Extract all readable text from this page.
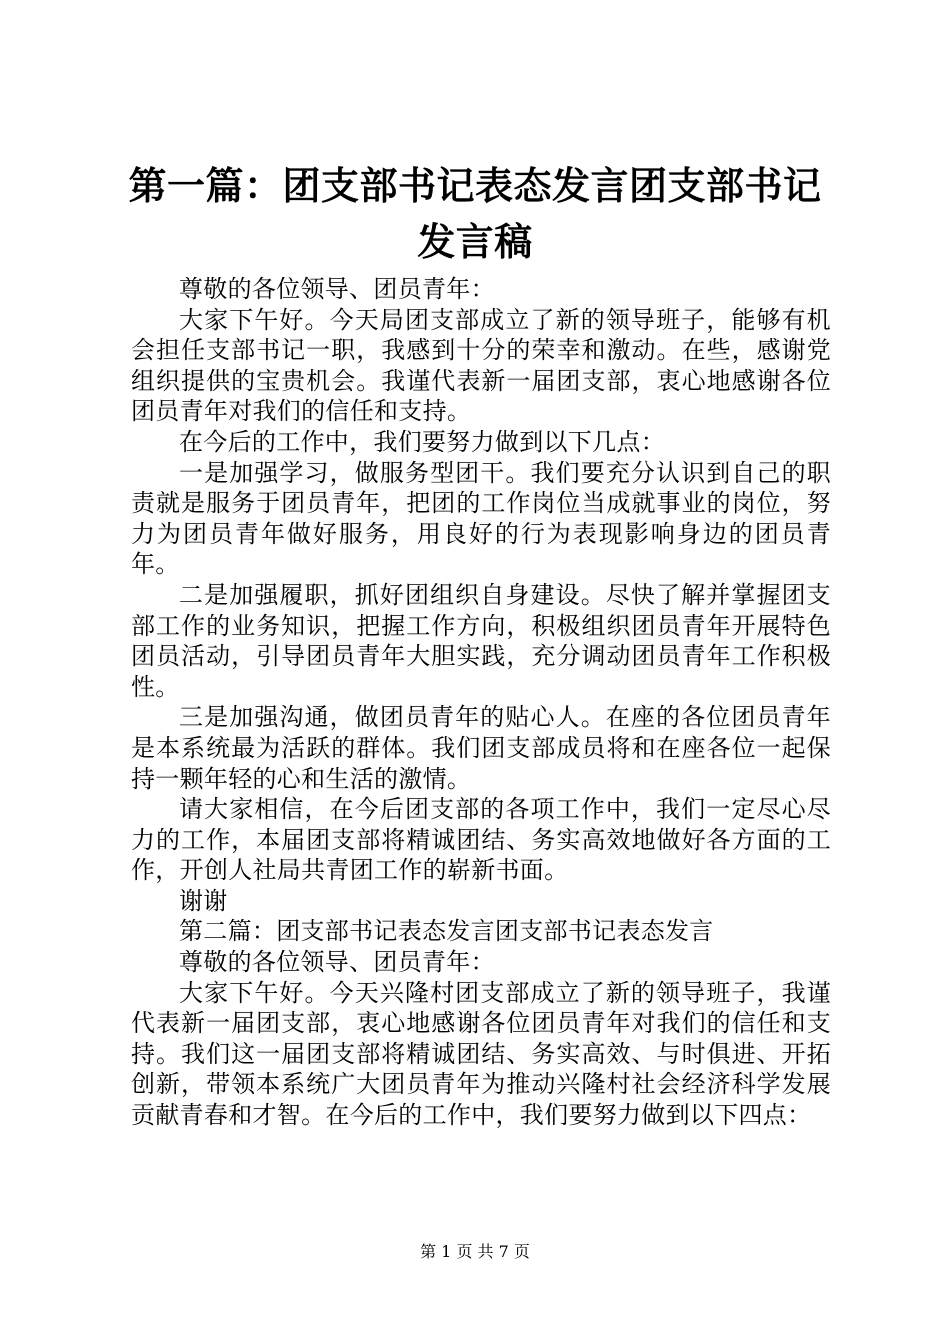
第一篇：团支部书记表态发言团支部书记发言稿

尊敬的各位领导、团员青年：

大家下午好。今天局团支部成立了新的领导班子，能够有机会担任支部书记一职，我感到十分的荣幸和激动。在些，感谢党组织提供的宝贵机会。我谨代表新一届团支部，衷心地感谢各位团员青年对我们的信任和支持。

在今后的工作中，我们要努力做到以下几点：

一是加强学习，做服务型团干。我们要充分认识到自己的职责就是服务于团员青年，把团的工作岗位当成就事业的岗位，努力为团员青年做好服务，用良好的行为表现影响身边的团员青年。

二是加强履职，抓好团组织自身建设。尽快了解并掌握团支部工作的业务知识，把握工作方向，积极组织团员青年开展特色团员活动，引导团员青年大胆实践，充分调动团员青年工作积极性。

三是加强沟通，做团员青年的贴心人。在座的各位团员青年是本系统最为活跃的群体。我们团支部成员将和在座各位一起保持一颗年轻的心和生活的激情。

请大家相信，在今后团支部的各项工作中，我们一定尽心尽力的工作，本届团支部将精诚团结、务实高效地做好各方面的工作，开创人社局共青团工作的崭新书面。

谢谢

第二篇：团支部书记表态发言团支部书记表态发言

尊敬的各位领导、团员青年：

大家下午好。今天兴隆村团支部成立了新的领导班子，我谨代表新一届团支部，衷心地感谢各位团员青年对我们的信任和支持。我们这一届团支部将精诚团结、务实高效、与时俱进、开拓创新，带领本系统广大团员青年为推动兴隆村社会经济科学发展贡献青春和才智。在今后的工作中，我们要努力做到以下四点：

第 1 页 共 7 页
